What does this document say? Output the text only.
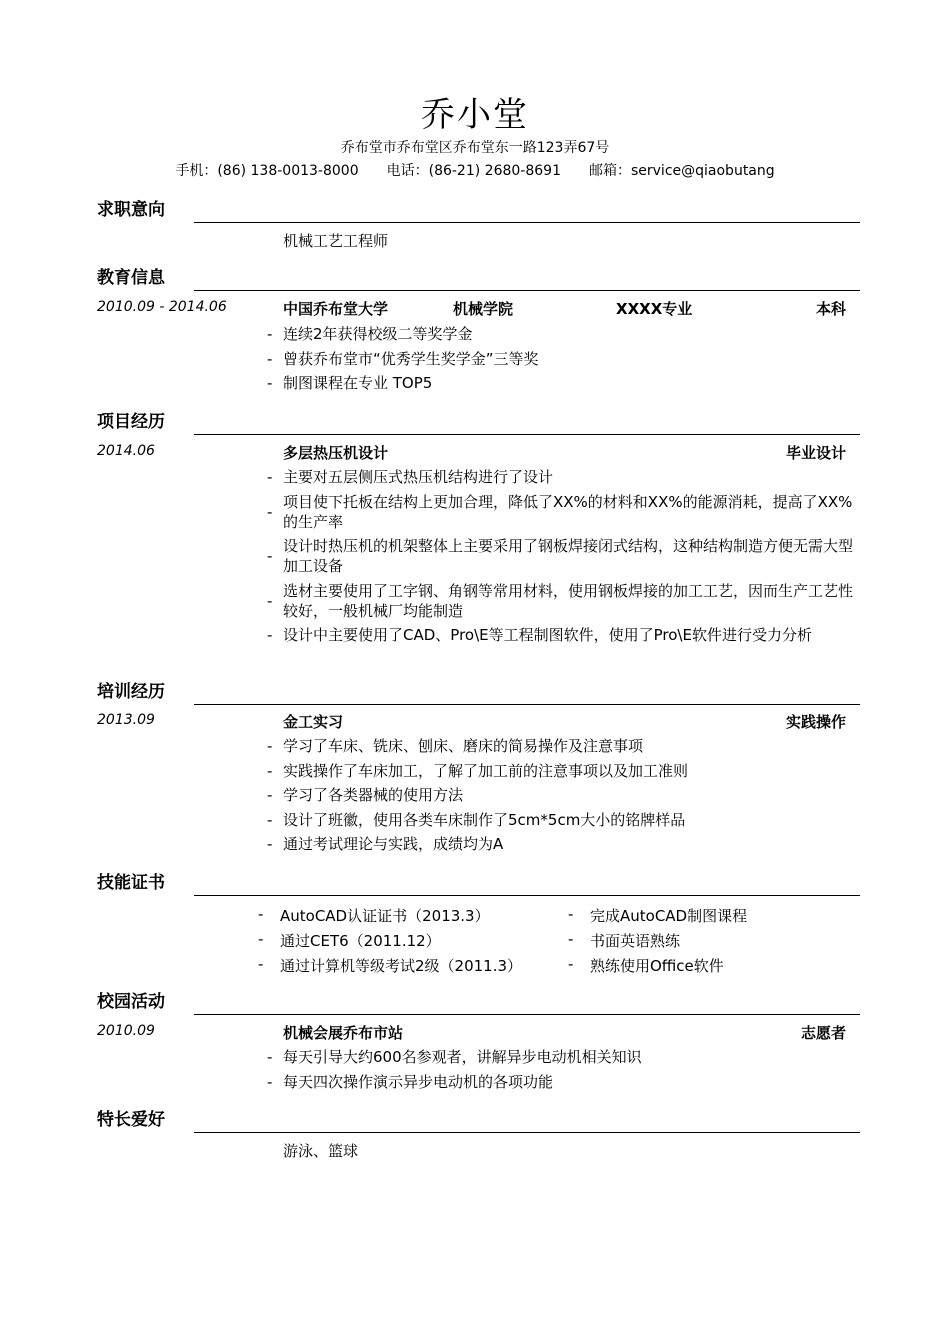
乔小堂
乔布堂市乔布堂区乔布堂东一路123弄67号
手机：(86) 138-0013-8000 电话：(86-21) 2680-8691 邮箱：service@qiaobutang
求职意向
机械工艺工程师
教育信息
2010.09 - 2014.06	中国乔布堂大学	机械学院	XXXX专业	本科
- 连续2年获得校级二等奖学金
- 曾获乔布堂市“优秀学生奖学金”三等奖
- 制图课程在专业 TOP5
项目经历
2014.06	多层热压机设计	毕业设计
- 主要对五层侧压式热压机结构进行了设计
-
项目使下托板在结构上更加合理，降低了XX%的材料和XX%的能源消耗，提高了XX%的生产率
-
设计时热压机的机架整体上主要采用了钢板焊接闭式结构，这种结构制造方便无需大型加工设备
-
选材主要使用了工字钢、角钢等常用材料，使用钢板焊接的加工工艺，因而生产工艺性较好，一般机械厂均能制造
- 设计中主要使用了CAD、Pro\E等工程制图软件，使用了Pro\E软件进行受力分析
培训经历
2013.09	金工实习	实践操作
- 学习了车床、铣床、刨床、磨床的简易操作及注意事项
- 实践操作了车床加工，了解了加工前的注意事项以及加工准则
- 学习了各类器械的使用方法
- 设计了班徽，使用各类车床制作了5cm*5cm大小的铭牌样品
- 通过考试理论与实践，成绩均为A
技能证书
-	AutoCAD认证证书（2013.3）	-	完成AutoCAD制图课程
-	通过CET6（2011.12）	-	书面英语熟练
-	通过计算机等级考试2级（2011.3）	-	熟练使用Office软件
校园活动
2010.09	机械会展乔布市站	志愿者
- 每天引导大约600名参观者，讲解异步电动机相关知识
- 每天四次操作演示异步电动机的各项功能
特长爱好
游泳、篮球
